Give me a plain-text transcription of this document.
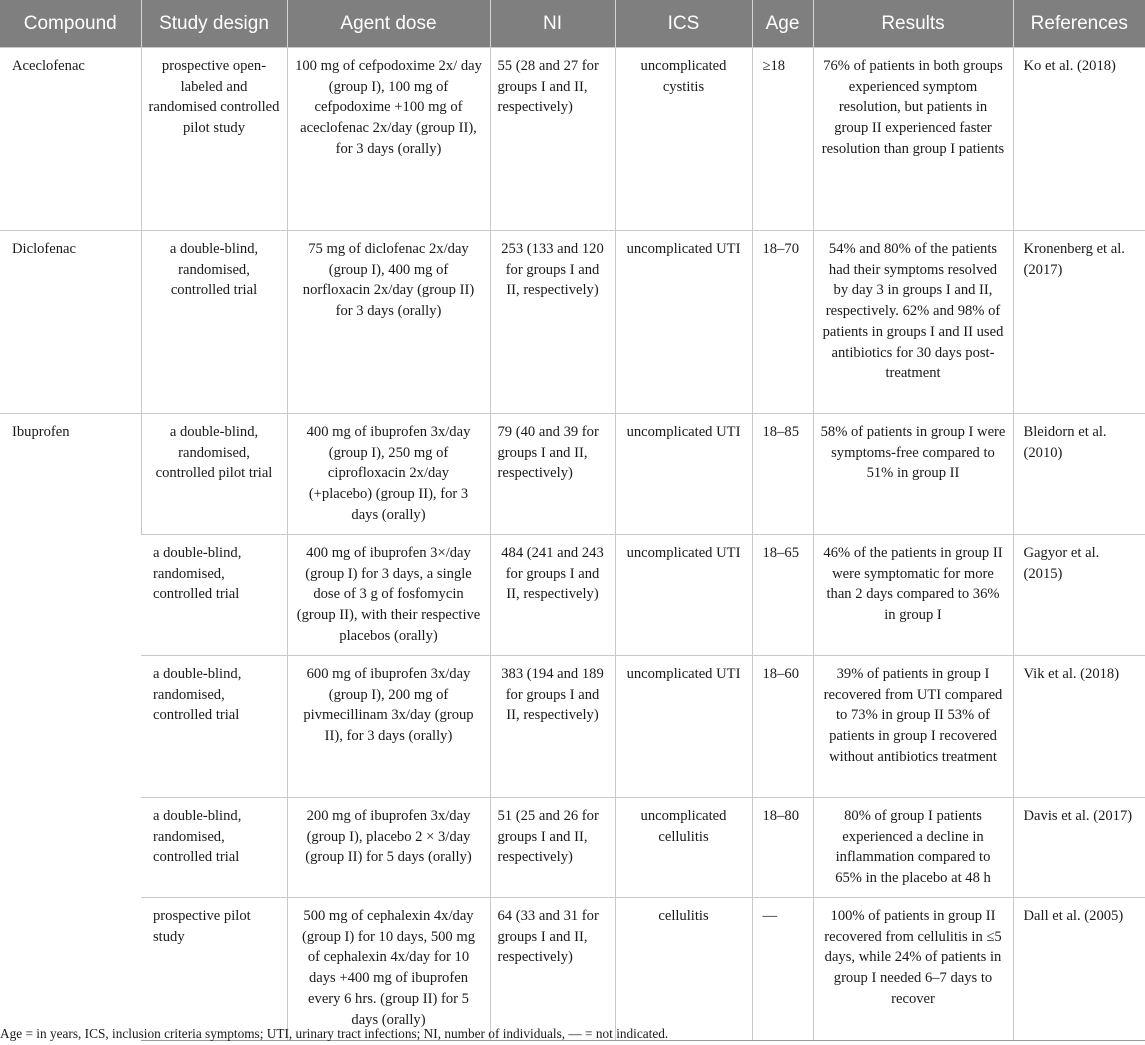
Compound	Study design	Agent dose	NI	ICS	Age	Results	References
Aceclofenac	prospective open-labeled and randomised controlled pilot study	100 mg of cefpodoxime 2x/ day (group I), 100 mg of cefpodoxime +100 mg of aceclofenac 2x/day (group II), for 3 days (orally)	55 (28 and 27 for groups I and II, respectively)	uncomplicated cystitis	≥18	76% of patients in both groups experienced symptom resolution, but patients in group II experienced faster resolution than group I patients	Ko et al. (2018)
Diclofenac	a double-blind, randomised, controlled trial	75 mg of diclofenac 2x/day (group I), 400 mg of norfloxacin 2x/day (group II) for 3 days (orally)	253 (133 and 120 for groups I and II, respectively)	uncomplicated UTI	18–70	54% and 80% of the patients had their symptoms resolved by day 3 in groups I and II, respectively. 62% and 98% of patients in groups I and II used antibiotics for 30 days post-treatment	Kronenberg et al. (2017)
Ibuprofen	a double-blind, randomised, controlled pilot trial	400 mg of ibuprofen 3x/day (group I), 250 mg of ciprofloxacin 2x/day (+placebo) (group II), for 3 days (orally)	79 (40 and 39 for groups I and II, respectively)	uncomplicated UTI	18–85	58% of patients in group I were symptoms-free compared to 51% in group II	Bleidorn et al. (2010)
	a double-blind, randomised, controlled trial	400 mg of ibuprofen 3×/day (group I) for 3 days, a single dose of 3 g of fosfomycin (group II), with their respective placebos (orally)	484 (241 and 243 for groups I and II, respectively)	uncomplicated UTI	18–65	46% of the patients in group II were symptomatic for more than 2 days compared to 36% in group I	Gagyor et al. (2015)
	a double-blind, randomised, controlled trial	600 mg of ibuprofen 3x/day (group I), 200 mg of pivmecillinam 3x/day (group II), for 3 days (orally)	383 (194 and 189 for groups I and II, respectively)	uncomplicated UTI	18–60	39% of patients in group I recovered from UTI compared to 73% in group II 53% of patients in group I recovered without antibiotics treatment	Vik et al. (2018)
	a double-blind, randomised, controlled trial	200 mg of ibuprofen 3x/day (group I), placebo 2 × 3/day (group II) for 5 days (orally)	51 (25 and 26 for groups I and II, respectively)	uncomplicated cellulitis	18–80	80% of group I patients experienced a decline in inflammation compared to 65% in the placebo at 48 h	Davis et al. (2017)
	prospective pilot study	500 mg of cephalexin 4x/day (group I) for 10 days, 500 mg of cephalexin 4x/day for 10 days +400 mg of ibuprofen every 6 hrs. (group II) for 5 days (orally)	64 (33 and 31 for groups I and II, respectively)	cellulitis	—	100% of patients in group II recovered from cellulitis in ≤5 days, while 24% of patients in group I needed 6–7 days to recover	Dall et al. (2005)
Age = in years, ICS, inclusion criteria symptoms; UTI, urinary tract infections; NI, number of individuals, — = not indicated.
